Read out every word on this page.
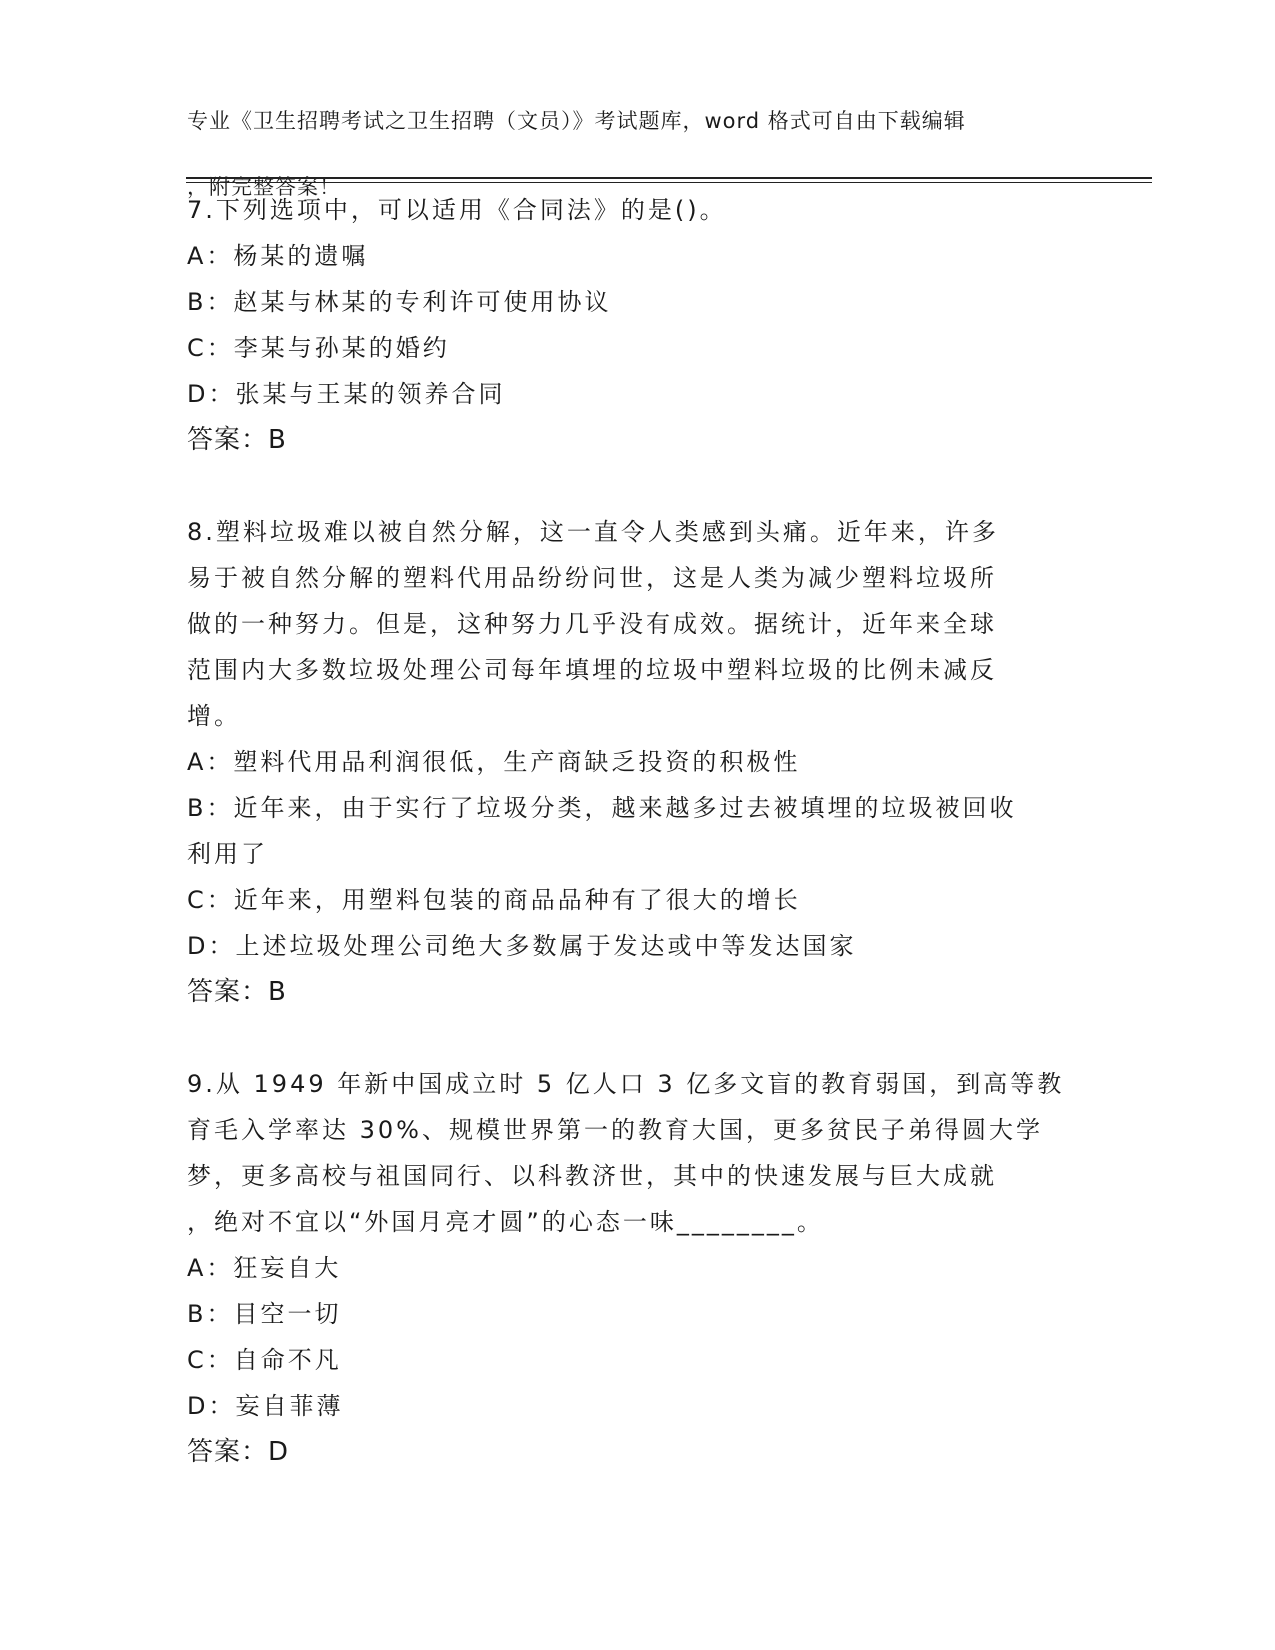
专业《卫生招聘考试之卫生招聘（文员）》考试题库，word 格式可自由下载编辑

，附完整答案！

7.下列选项中，可以适用《合同法》的是()。

A：杨某的遗嘱

B：赵某与林某的专利许可使用协议

C：李某与孙某的婚约

D：张某与王某的领养合同

答案：B

8.塑料垃圾难以被自然分解，这一直令人类感到头痛。近年来，许多

易于被自然分解的塑料代用品纷纷问世，这是人类为减少塑料垃圾所

做的一种努力。但是，这种努力几乎没有成效。据统计，近年来全球

范围内大多数垃圾处理公司每年填埋的垃圾中塑料垃圾的比例未减反

增。

A：塑料代用品利润很低，生产商缺乏投资的积极性

B：近年来，由于实行了垃圾分类，越来越多过去被填埋的垃圾被回收

利用了

C：近年来，用塑料包装的商品品种有了很大的增长

D：上述垃圾处理公司绝大多数属于发达或中等发达国家

答案：B

9.从 1949 年新中国成立时 5 亿人口 3 亿多文盲的教育弱国，到高等教

育毛入学率达 30%、规模世界第一的教育大国，更多贫民子弟得圆大学

梦，更多高校与祖国同行、以科教济世，其中的快速发展与巨大成就

，绝对不宜以“外国月亮才圆”的心态一味________。

A：狂妄自大

B：目空一切

C：自命不凡

D：妄自菲薄

答案：D
